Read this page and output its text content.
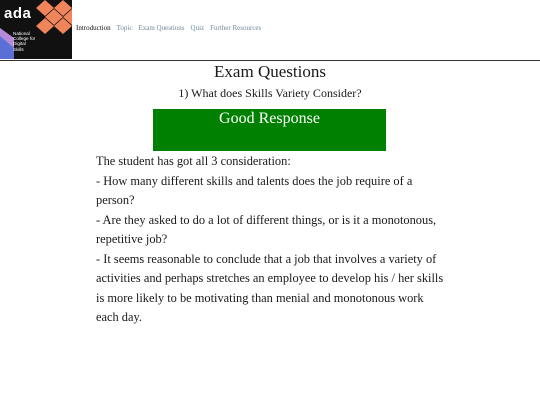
ada
National
College for
Digital
Skills
Introduction Topic Exam Questions Quiz Further Resources
Exam Questions
1) What does Skills Variety Consider?
Good Response

The student has got all 3 consideration:

- How many different skills and talents does the job require of a person?

- Are they asked to do a lot of different things, or is it a monotonous, repetitive job?

- It seems reasonable to conclude that a job that involves a variety of activities and perhaps stretches an employee to develop his / her skills is more likely to be motivating than menial and monotonous work each day.
